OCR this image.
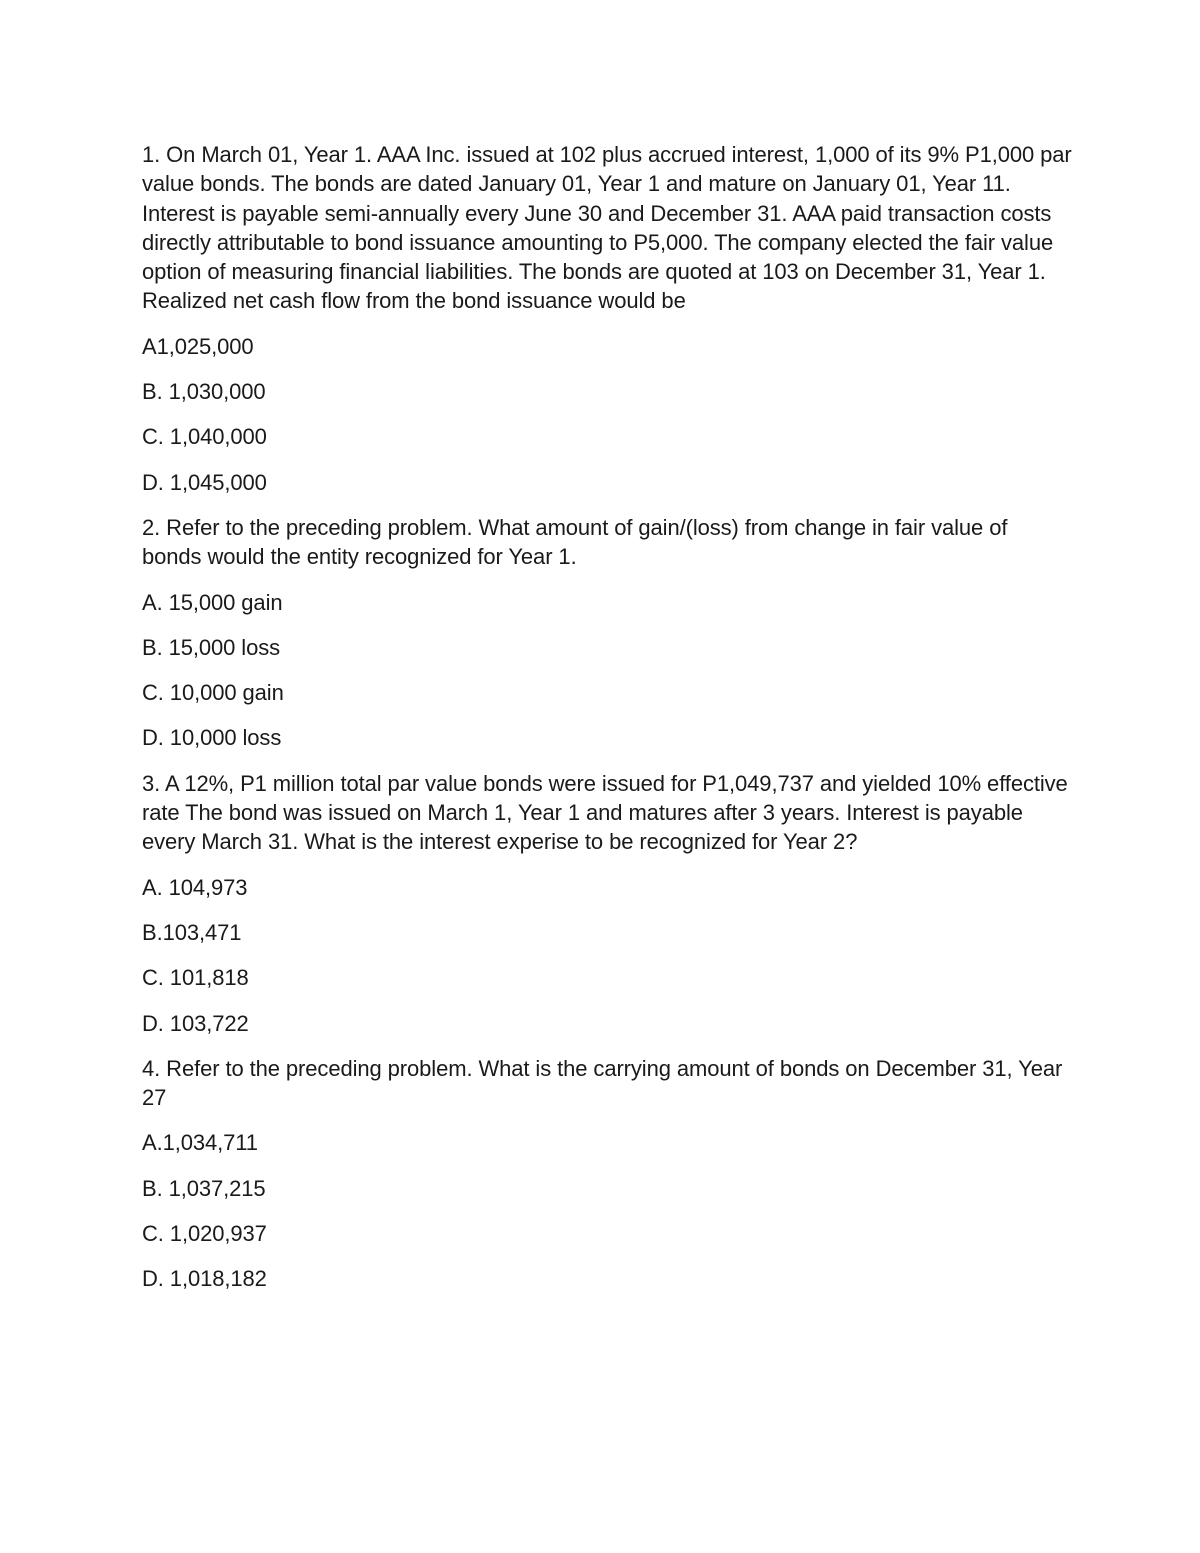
1. On March 01, Year 1. AAA Inc. issued at 102 plus accrued interest, 1,000 of its 9% P1,000 par value bonds. The bonds are dated January 01, Year 1 and mature on January 01, Year 11. Interest is payable semi-annually every June 30 and December 31. AAA paid transaction costs directly attributable to bond issuance amounting to P5,000. The company elected the fair value option of measuring financial liabilities. The bonds are quoted at 103 on December 31, Year 1. Realized net cash flow from the bond issuance would be

A1,025,000

B. 1,030,000

C. 1,040,000

D. 1,045,000

2. Refer to the preceding problem. What amount of gain/(loss) from change in fair value of bonds would the entity recognized for Year 1.

A. 15,000 gain

B. 15,000 loss

C. 10,000 gain

D. 10,000 loss

3. A 12%, P1 million total par value bonds were issued for P1,049,737 and yielded 10% effective rate The bond was issued on March 1, Year 1 and matures after 3 years. Interest is payable every March 31. What is the interest experise to be recognized for Year 2?

A. 104,973

B.103,471

C. 101,818

D. 103,722

4. Refer to the preceding problem. What is the carrying amount of bonds on December 31, Year 27

A.1,034,711

B. 1,037,215

C. 1,020,937

D. 1,018,182
